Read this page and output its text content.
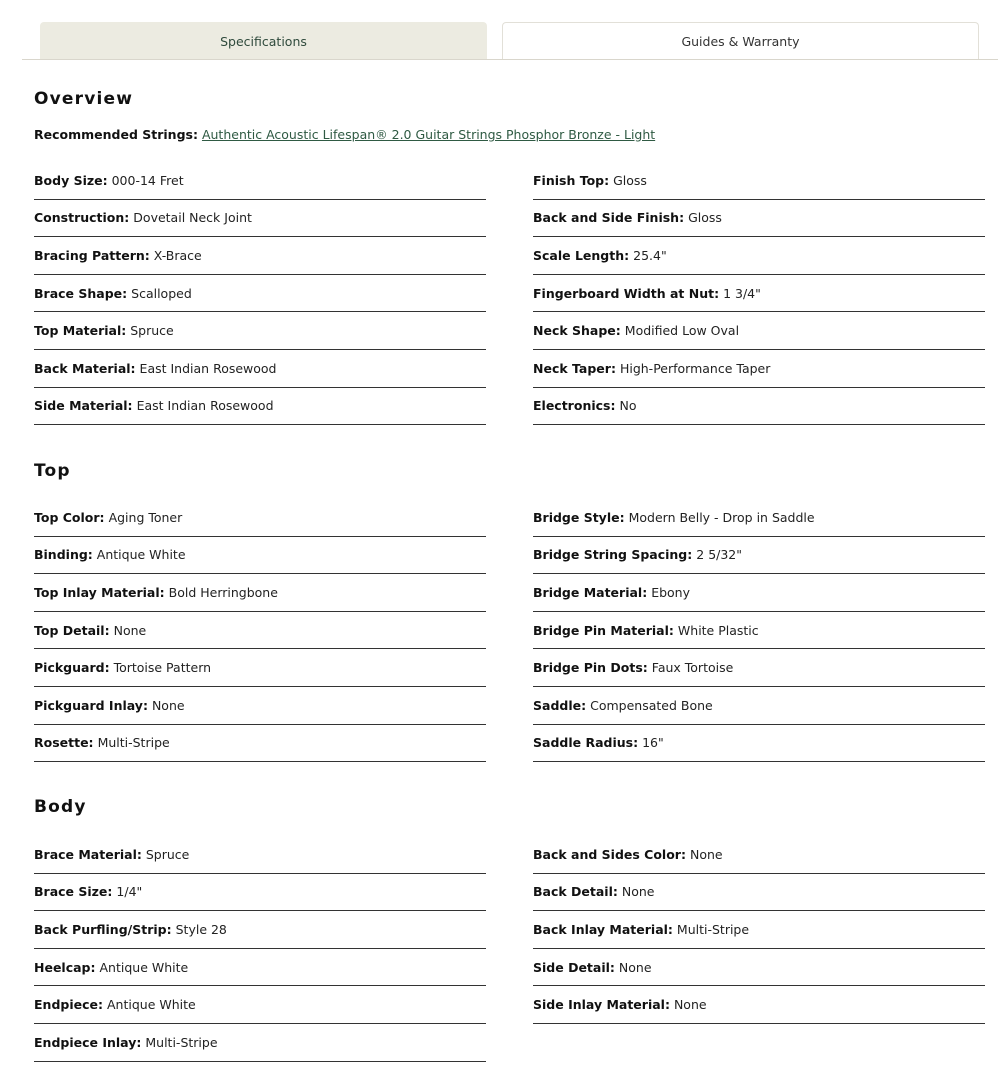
Specifications	Guides & Warranty
Overview
Recommended Strings: Authentic Acoustic Lifespan® 2.0 Guitar Strings Phosphor Bronze - Light
Body Size: 000-14 Fret
Construction: Dovetail Neck Joint
Bracing Pattern: X-Brace
Brace Shape: Scalloped
Top Material: Spruce
Back Material: East Indian Rosewood
Side Material: East Indian Rosewood
Finish Top: Gloss
Back and Side Finish: Gloss
Scale Length: 25.4"
Fingerboard Width at Nut: 1 3/4"
Neck Shape: Modified Low Oval
Neck Taper: High-Performance Taper
Electronics: No
Top
Top Color: Aging Toner
Binding: Antique White
Top Inlay Material: Bold Herringbone
Top Detail: None
Pickguard: Tortoise Pattern
Pickguard Inlay: None
Rosette: Multi-Stripe
Bridge Style: Modern Belly - Drop in Saddle
Bridge String Spacing: 2 5/32"
Bridge Material: Ebony
Bridge Pin Material: White Plastic
Bridge Pin Dots: Faux Tortoise
Saddle: Compensated Bone
Saddle Radius: 16"
Body
Brace Material: Spruce
Brace Size: 1/4"
Back Purfling/Strip: Style 28
Heelcap: Antique White
Endpiece: Antique White
Endpiece Inlay: Multi-Stripe
Back and Sides Color: None
Back Detail: None
Back Inlay Material: Multi-Stripe
Side Detail: None
Side Inlay Material: None
